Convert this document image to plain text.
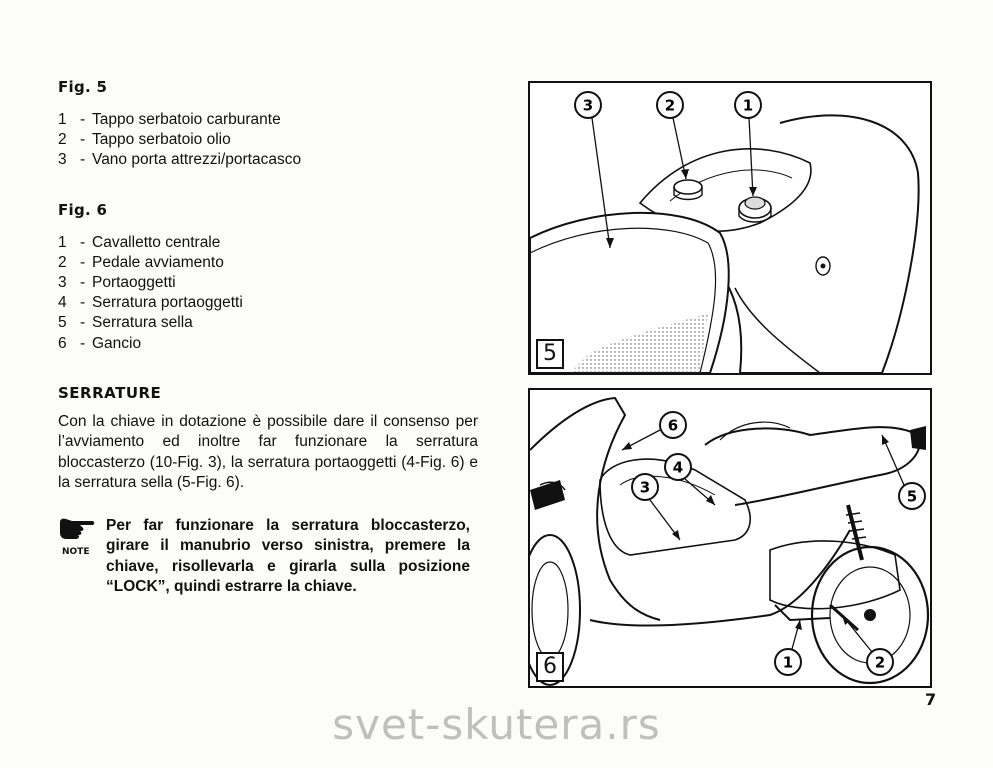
Fig. 5
1 - Tappo serbatoio carburante
2 - Tappo serbatoio olio
3 - Vano porta attrezzi/portacasco
Fig. 6
1 - Cavalletto centrale
2 - Pedale avviamento
3 - Portaoggetti
4 - Serratura portaoggetti
5 - Serratura sella
6 - Gancio
SERRATURE

Con la chiave in dotazione è possibile dare il consenso per l’avviamento ed inoltre far funzionare la serratura bloccasterzo (10-Fig. 3), la serratura portaoggetti (4-Fig. 6) e la serratura sella (5-Fig. 6).

NOTE
Per far funzionare la serratura bloccasterzo, girare il manubrio verso sinistra, premere la chiave, risollevarla e girarla sulla posizione “LOCK”, quindi estrarre la chiave.
3	2	1
5
6
4
3	5
1	2
6
7
svet-skutera.rs
